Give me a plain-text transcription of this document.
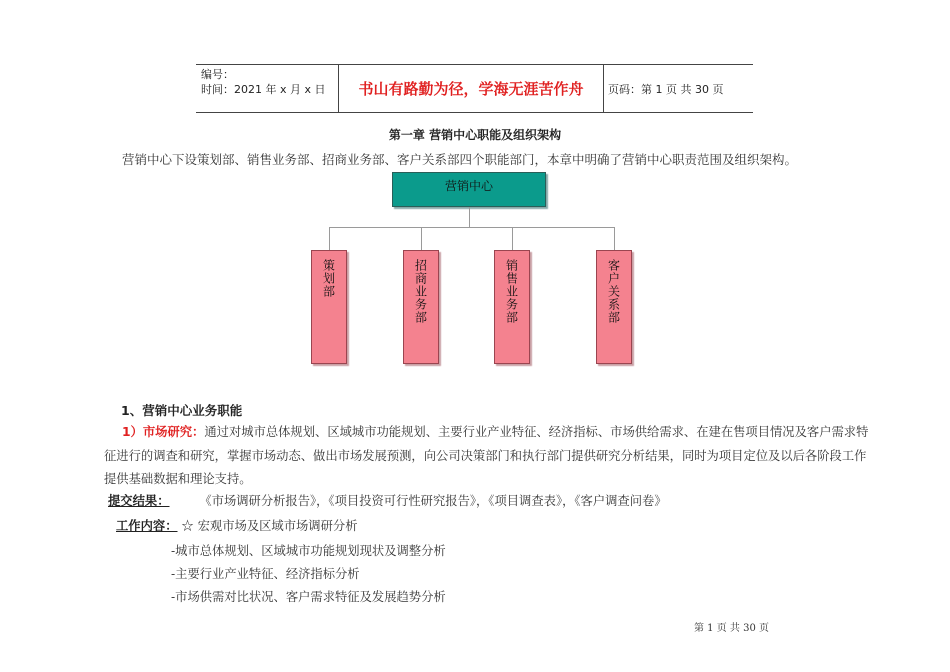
编号：
时间：2021 年 x 月 x 日	书山有路勤为径，学海无涯苦作舟	页码：第 1 页 共 30 页
第一章 营销中心职能及组织架构
营销中心下设策划部、销售业务部、招商业务部、客户关系部四个职能部门，本章中明确了营销中心职责范围及组织架构。
营销中心
策划部	招商业务部	销售业务部	客户关系部
1、营销中心业务职能
1）市场研究：通过对城市总体规划、区域城市功能规划、主要行业产业特征、经济指标、市场供给需求、在建在售项目情况及客户需求特征进行的调查和研究，掌握市场动态、做出市场发展预测，向公司决策部门和执行部门提供研究分析结果，同时为项目定位及以后各阶段工作提供基础数据和理论支持。
提交结果： 《市场调研分析报告》，《项目投资可行性研究报告》，《项目调查表》，《客户调查问卷》
工作内容： ☆ 宏观市场及区域市场调研分析
-城市总体规划、区域城市功能规划现状及调整分析
-主要行业产业特征、经济指标分析
-市场供需对比状况、客户需求特征及发展趋势分析
第 1 页 共 30 页
